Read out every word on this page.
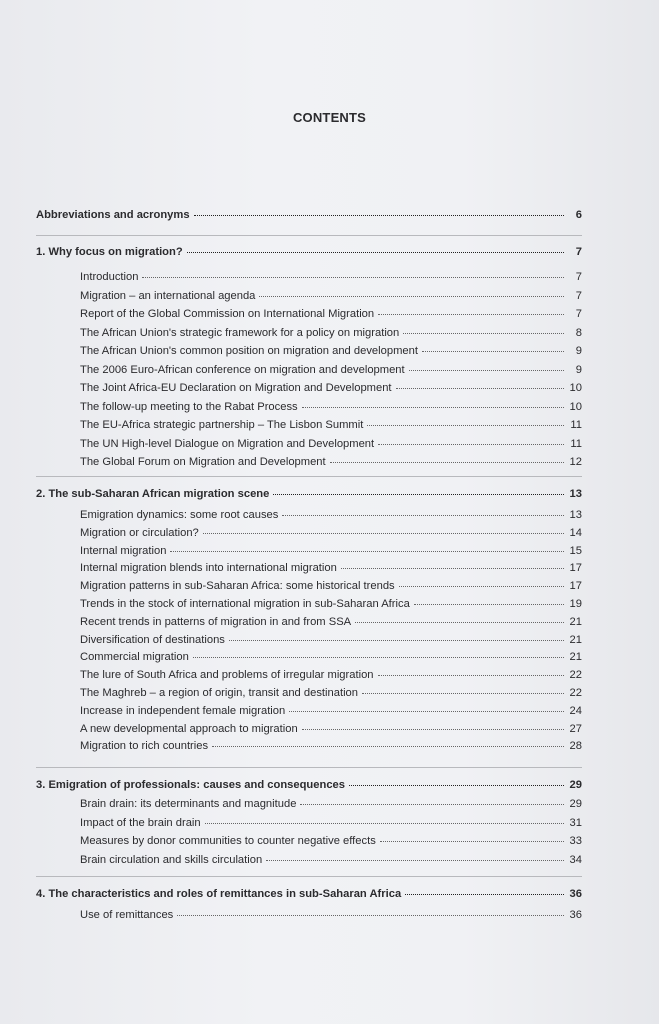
CONTENTS
Abbreviations and acronyms	6
1. Why focus on migration?	7
Introduction	7
Migration – an international agenda	7
Report of the Global Commission on International Migration	7
The African Union's strategic framework for a policy on migration	8
The African Union's common position on migration and development	9
The 2006 Euro-African conference on migration and development	9
The Joint Africa-EU Declaration on Migration and Development	10
The follow-up meeting to the Rabat Process	10
The EU-Africa strategic partnership – The Lisbon Summit	11
The UN High-level Dialogue on Migration and Development	11
The Global Forum on Migration and Development	12
2. The sub-Saharan African migration scene	13
Emigration dynamics: some root causes	13
Migration or circulation?	14
Internal migration	15
Internal migration blends into international migration	17
Migration patterns in sub-Saharan Africa: some historical trends	17
Trends in the stock of international migration in sub-Saharan Africa	19
Recent trends in patterns of migration in and from SSA	21
Diversification of destinations	21
Commercial migration	21
The lure of South Africa and problems of irregular migration	22
The Maghreb – a region of origin, transit and destination	22
Increase in independent female migration	24
A new developmental approach to migration	27
Migration to rich countries	28
3. Emigration of professionals: causes and consequences	29
Brain drain: its determinants and magnitude	29
Impact of the brain drain	31
Measures by donor communities to counter negative effects	33
Brain circulation and skills circulation	34
4. The characteristics and roles of remittances in sub-Saharan Africa	36
Use of remittances	36
